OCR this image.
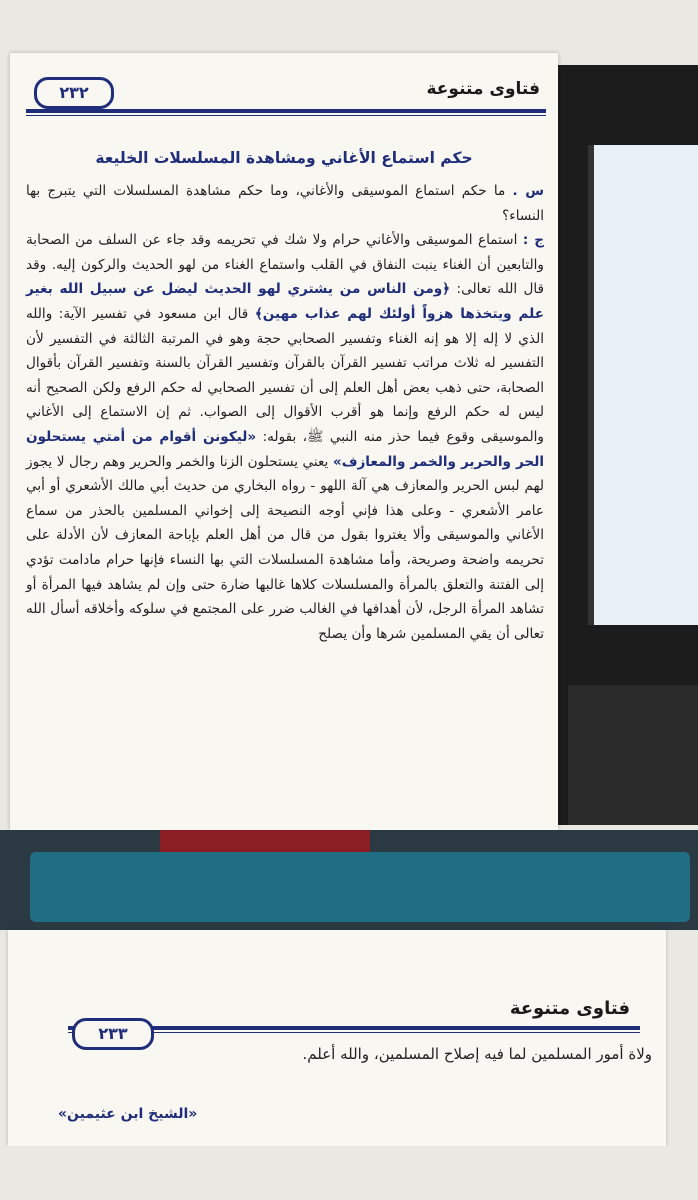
فتاوى متنوعة
٢٣٢
حكم استماع الأغاني ومشاهدة المسلسلات الخليعة

س . ما حكم استماع الموسيقى والأغاني، وما حكم مشاهدة المسلسلات التي يتبرج بها النساء؟

ج : استماع الموسيقى والأغاني حرام ولا شك في تحريمه وقد جاء عن السلف من الصحابة والتابعين أن الغناء ينبت النفاق في القلب واستماع الغناء من لهو الحديث والركون إليه. وقد قال الله تعالى: ﴿ومن الناس من يشتري لهو الحديث ليضل عن سبيل الله بغير علم ويتخذها هزواً أولئك لهم عذاب مهين﴾ قال ابن مسعود في تفسير الآية: والله الذي لا إله إلا هو إنه الغناء وتفسير الصحابي حجة وهو في المرتبة الثالثة في التفسير لأن التفسير له ثلاث مراتب تفسير القرآن بالقرآن وتفسير القرآن بالسنة وتفسير القرآن بأقوال الصحابة، حتى ذهب بعض أهل العلم إلى أن تفسير الصحابي له حكم الرفع ولكن الصحيح أنه ليس له حكم الرفع وإنما هو أقرب الأقوال إلى الصواب. ثم إن الاستماع إلى الأغاني والموسيقى وقوع فيما حذر منه النبي ﷺ، بقوله: «ليكونن أقوام من أمتي يستحلون الحر والحرير والخمر والمعازف» يعني يستحلون الزنا والخمر والحرير وهم رجال لا يجوز لهم لبس الحرير والمعازف هي آلة اللهو - رواه البخاري من حديث أبي مالك الأشعري أو أبي عامر الأشعري - وعلى هذا فإني أوجه النصيحة إلى إخواني المسلمين بالحذر من سماع الأغاني والموسيقى وألا يغتروا بقول من قال من أهل العلم بإباحة المعازف لأن الأدلة على تحريمه واضحة وصريحة، وأما مشاهدة المسلسلات التي بها النساء فإنها حرام مادامت تؤدي إلى الفتنة والتعلق بالمرأة والمسلسلات كلاها غالبها ضارة حتى وإن لم يشاهد فيها المرأة أو تشاهد المرأة الرجل، لأن أهدافها في الغالب ضرر على المجتمع في سلوكه وأخلاقه أسأل الله تعالى أن يقي المسلمين شرها وأن يصلح

فتاوى متنوعة
٢٣٣
ولاة أمور المسلمين لما فيه إصلاح المسلمين، والله أعلم.
«الشيخ ابن عثيمين»
